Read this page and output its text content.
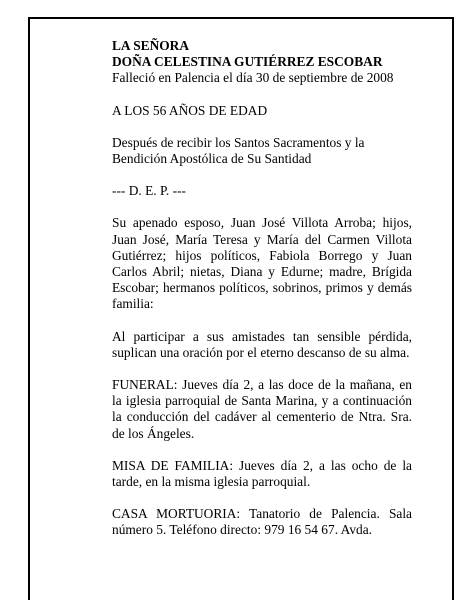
LA SEÑORA

DOÑA CELESTINA GUTIÉRREZ ESCOBAR

Falleció en Palencia el día 30 de septiembre de 2008

A LOS 56 AÑOS DE EDAD

Después de recibir los Santos Sacramentos y la Bendición Apostólica de Su Santidad

--- D. E. P. ---

Su apenado esposo, Juan José Villota Arroba; hijos, Juan José, María Teresa y María del Carmen Villota Gutiérrez; hijos políticos, Fabiola Borrego y Juan Carlos Abril; nietas, Diana y Edurne; madre, Brígida Escobar; hermanos políticos, sobrinos, primos y demás familia:

Al participar a sus amistades tan sensible pérdida, suplican una oración por el eterno descanso de su alma.

FUNERAL: Jueves día 2, a las doce de la mañana, en la iglesia parroquial de Santa Marina, y a continuación la conducción del cadáver al cementerio de Ntra. Sra. de los Ángeles.

MISA DE FAMILIA: Jueves día 2, a las ocho de la tarde, en la misma iglesia parroquial.

CASA MORTUORIA: Tanatorio de Palencia. Sala número 5. Teléfono directo: 979 16 54 67. Avda.
